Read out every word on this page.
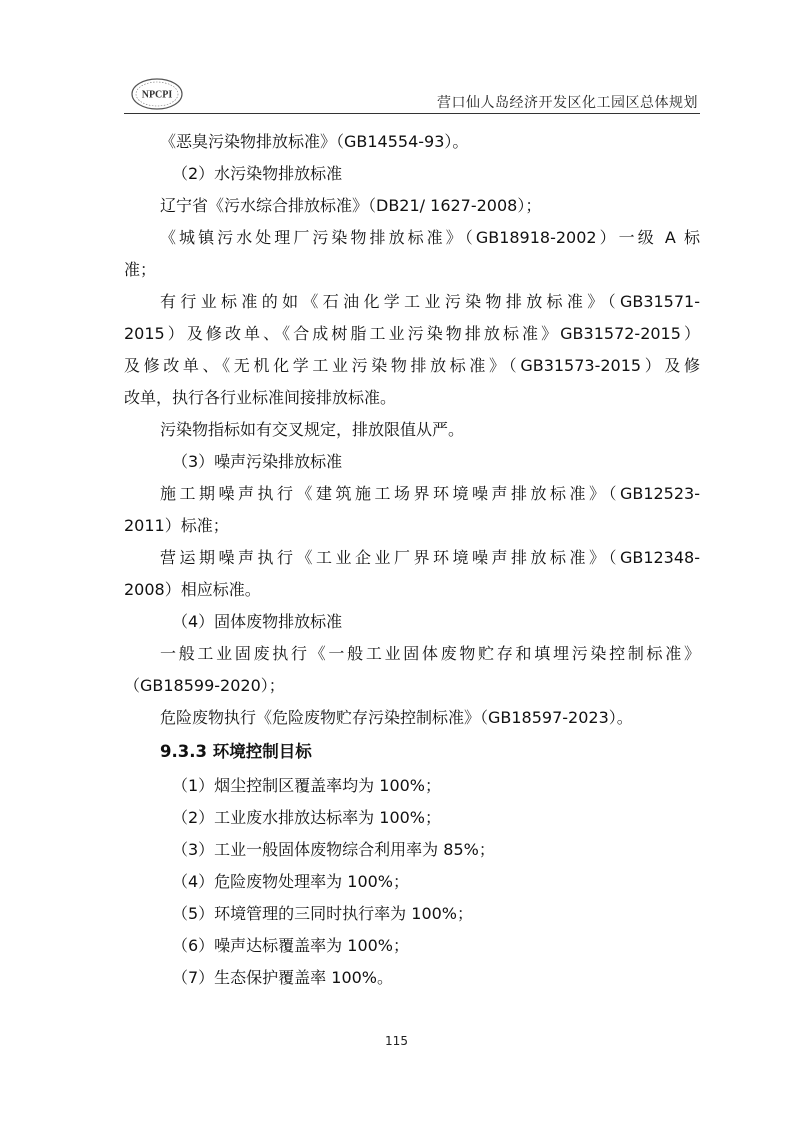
NPCPI	营口仙人岛经济开发区化工园区总体规划
《恶臭污染物排放标准》（GB14554-93）。
（2）水污染物排放标准
辽宁省《污水综合排放标准》（DB21/ 1627-2008）；
《城镇污水处理厂污染物排放标准》（GB18918-2002）一级 A 标
准；
有行业标准的如《石油化学工业污染物排放标准》（GB31571-
2015）及修改单、《合成树脂工业污染物排放标准》GB31572-2015）
及修改单、《无机化学工业污染物排放标准》（GB31573-2015）及修
改单，执行各行业标准间接排放标准。
污染物指标如有交叉规定，排放限值从严。
（3）噪声污染排放标准
施工期噪声执行《建筑施工场界环境噪声排放标准》（GB12523-
2011）标准；
营运期噪声执行《工业企业厂界环境噪声排放标准》（GB12348-
2008）相应标准。
（4）固体废物排放标准
一般工业固废执行《一般工业固体废物贮存和填埋污染控制标准》
（GB18599-2020）；
危险废物执行《危险废物贮存污染控制标准》（GB18597-2023）。
9.3.3 环境控制目标
（1）烟尘控制区覆盖率均为 100%；
（2）工业废水排放达标率为 100%；
（3）工业一般固体废物综合利用率为 85%；
（4）危险废物处理率为 100%；
（5）环境管理的三同时执行率为 100%；
（6）噪声达标覆盖率为 100%；
（7）生态保护覆盖率 100%。
115
